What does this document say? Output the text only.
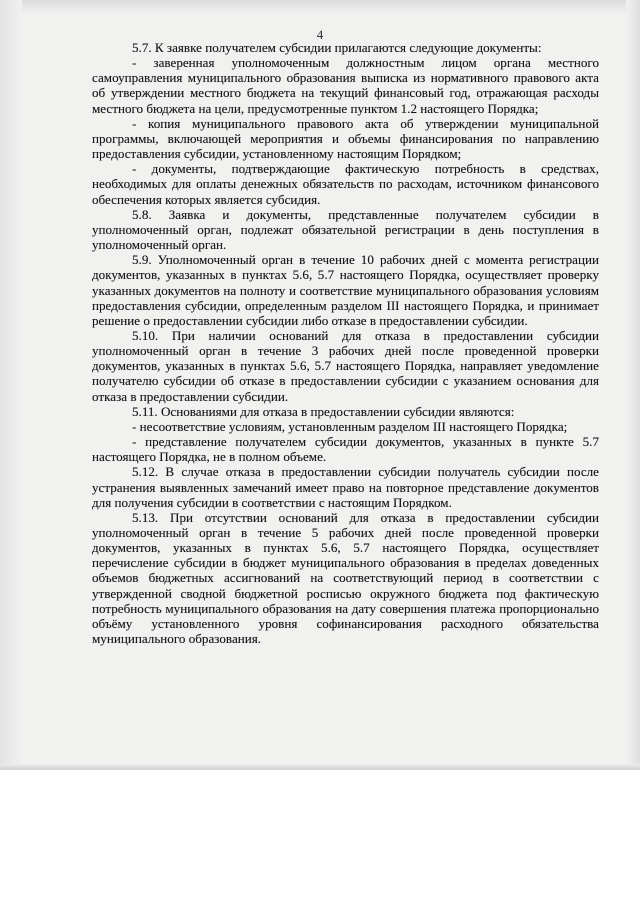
4

5.7. К заявке получателем субсидии прилагаются следующие документы:

- заверенная уполномоченным должностным лицом органа местного самоуправления муниципального образования выписка из нормативного правового акта об утверждении местного бюджета на текущий финансовый год, отражающая расходы местного бюджета на цели, предусмотренные пунктом 1.2 настоящего Порядка;

- копия муниципального правового акта об утверждении муниципальной программы, включающей мероприятия и объемы финансирования по направлению предоставления субсидии, установленному настоящим Порядком;

- документы, подтверждающие фактическую потребность в средствах, необходимых для оплаты денежных обязательств по расходам, источником финансового обеспечения которых является субсидия.

5.8. Заявка и документы, представленные получателем субсидии в уполномоченный орган, подлежат обязательной регистрации в день поступления в уполномоченный орган.

5.9. Уполномоченный орган в течение 10 рабочих дней с момента регистрации документов, указанных в пунктах 5.6, 5.7 настоящего Порядка, осуществляет проверку указанных документов на полноту и соответствие муниципального образования условиям предоставления субсидии, определенным разделом III настоящего Порядка, и принимает решение о предоставлении субсидии либо отказе в предоставлении субсидии.

5.10. При наличии оснований для отказа в предоставлении субсидии уполномоченный орган в течение 3 рабочих дней после проведенной проверки документов, указанных в пунктах 5.6, 5.7 настоящего Порядка, направляет уведомление получателю субсидии об отказе в предоставлении субсидии с указанием основания для отказа в предоставлении субсидии.

5.11. Основаниями для отказа в предоставлении субсидии являются:

- несоответствие условиям, установленным разделом III настоящего Порядка;

- представление получателем субсидии документов, указанных в пункте 5.7 настоящего Порядка, не в полном объеме.

5.12. В случае отказа в предоставлении субсидии получатель субсидии после устранения выявленных замечаний имеет право на повторное представление документов для получения субсидии в соответствии с настоящим Порядком.

5.13. При отсутствии оснований для отказа в предоставлении субсидии уполномоченный орган в течение 5 рабочих дней после проведенной проверки документов, указанных в пунктах 5.6, 5.7 настоящего Порядка, осуществляет перечисление субсидии в бюджет муниципального образования в пределах доведенных объемов бюджетных ассигнований на соответствующий период в соответствии с утвержденной сводной бюджетной росписью окружного бюджета под фактическую потребность муниципального образования на дату совершения платежа пропорционально объёму установленного уровня софинансирования расходного обязательства муниципального образования.
